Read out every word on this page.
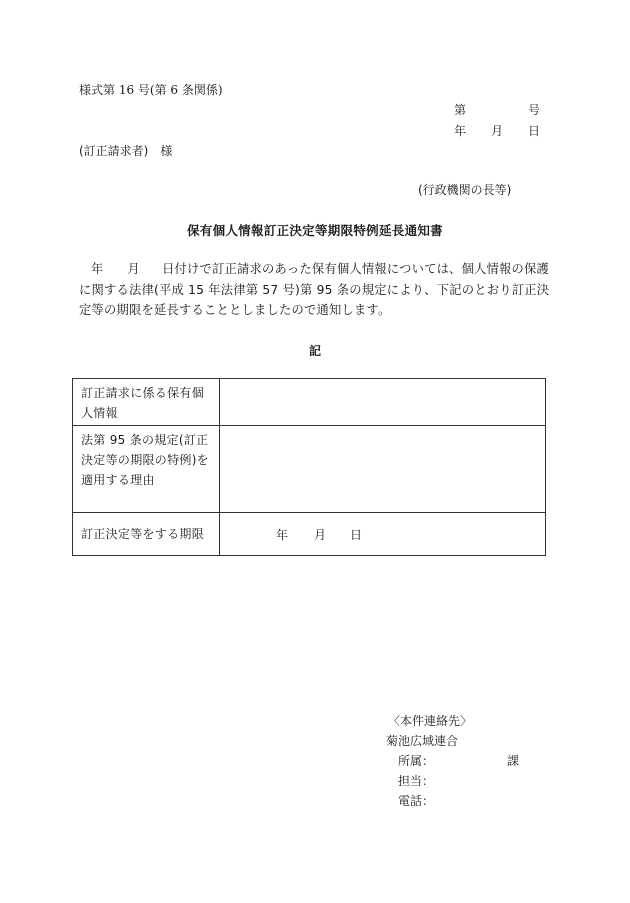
様式第 16 号(第 6 条関係)
第	号
年 月 日
(訂正請求者)　様
(行政機関の長等)
保有個人情報訂正決定等期限特例延長通知書
年 月 日付けで訂正請求のあった保有個人情報については、個人情報の保護に関する法律(平成 15 年法律第 57 号)第 95 条の規定により、下記のとおり訂正決定等の期限を延長することとしましたので通知します。
記
訂正請求に係る保有個人情報	
法第 95 条の規定(訂正決定等の期限の特例)を適用する理由	
訂正決定等をする期限	年 月 日
〈本件連絡先〉
菊池広域連合
所属：	課
担当：
電話：
